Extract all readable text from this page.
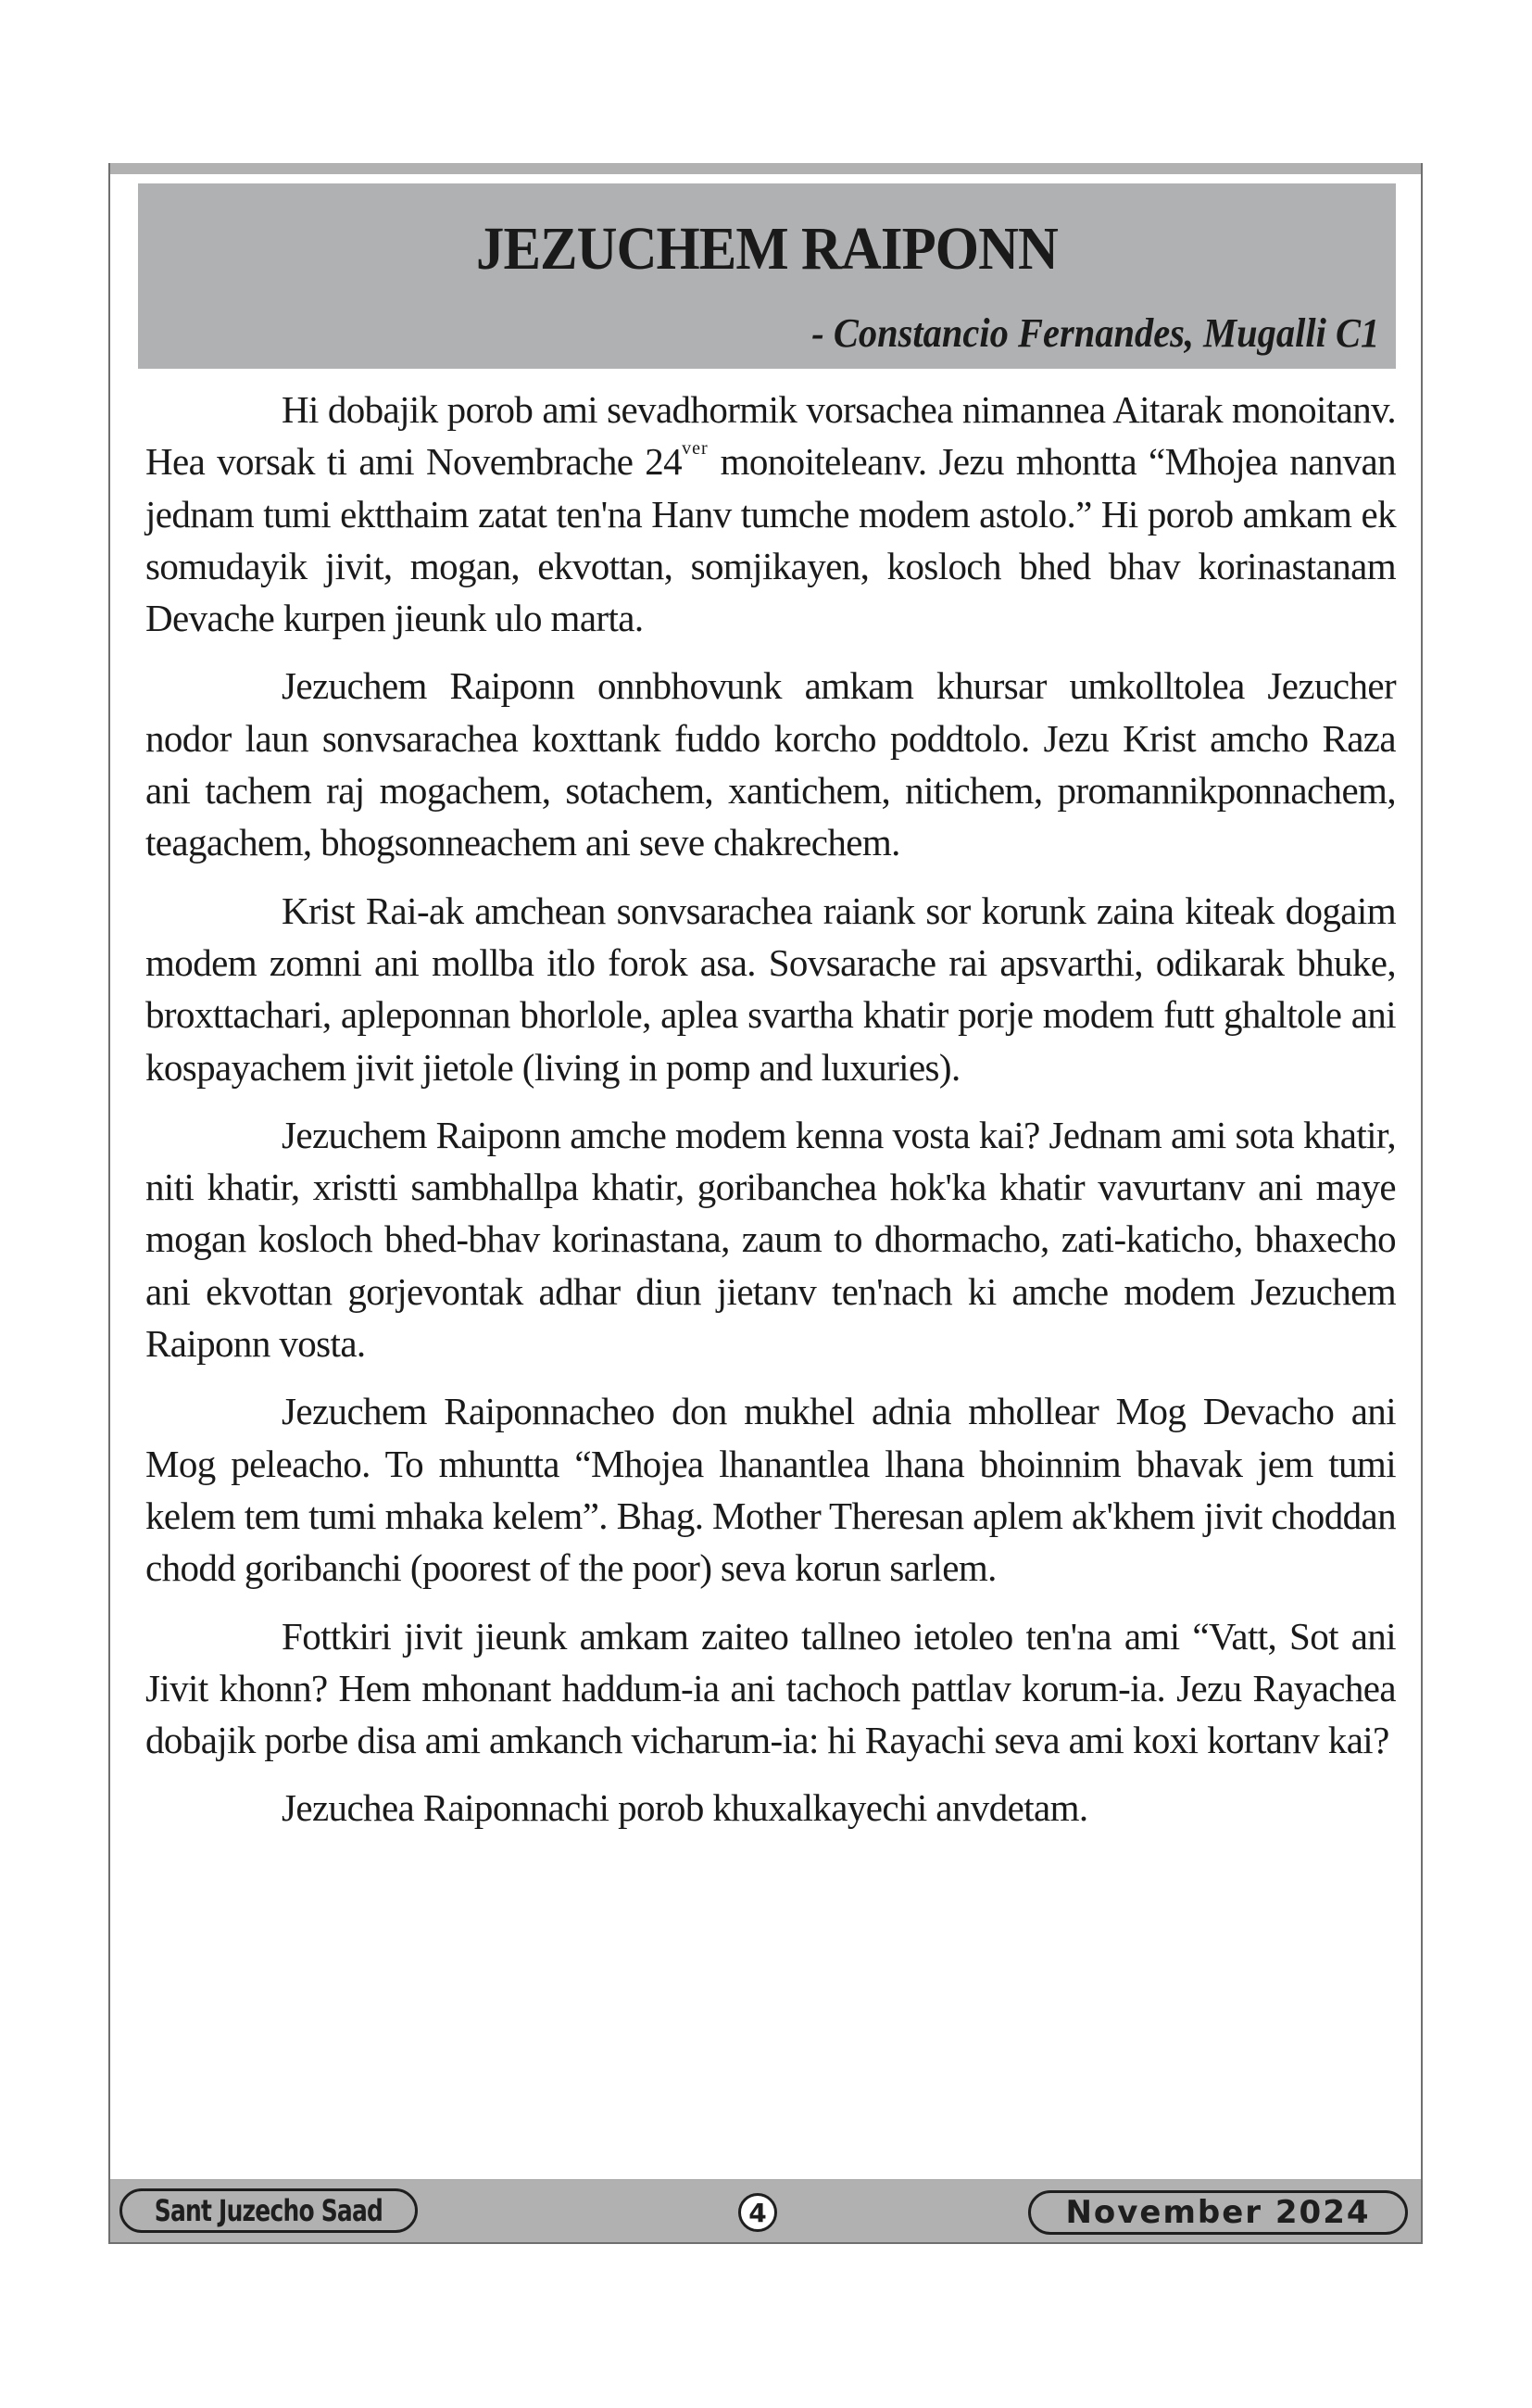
JEZUCHEM RAIPONN
- Constancio Fernandes, Mugalli C1

Hi dobajik porob ami sevadhormik vorsachea nimannea Aitarak monoitanv. Hea vorsak ti ami Novembrache $24^{ver}$ monoiteleanv. Jezu mhontta “Mhojea nanvan jednam tumi ektthaim zatat ten'na Hanv tumche modem astolo.” Hi porob amkam ek somudayik jivit, mogan, ekvottan, somjikayen, kosloch bhed bhav korinastanam Devache kurpen jieunk ulo marta.

Jezuchem Raiponn onnbhovunk amkam khursar umkolltolea Jezucher nodor laun sonvsarachea koxttank fuddo korcho poddtolo. Jezu Krist amcho Raza ani tachem raj mogachem, sotachem, xantichem, nitichem, promannikponnachem, teagachem, bhogsonneachem ani seve chakrechem.

Krist Rai-ak amchean sonvsarachea raiank sor korunk zaina kiteak dogaim modem zomni ani mollba itlo forok asa. Sovsarache rai apsvarthi, odikarak bhuke, broxttachari, apleponnan bhorlole, aplea svartha khatir porje modem futt ghaltole ani kospayachem jivit jietole (living in pomp and luxuries).

Jezuchem Raiponn amche modem kenna vosta kai? Jednam ami sota khatir, niti khatir, xristti sambhallpa khatir, goribanchea hok'ka khatir vavurtanv ani maye mogan kosloch bhed-bhav korinastana, zaum to dhormacho, zati-katicho, bhaxecho ani ekvottan gorjevontak adhar diun jietanv ten'nach ki amche modem Jezuchem Raiponn vosta.

Jezuchem Raiponnacheo don mukhel adnia mhollear Mog Devacho ani Mog peleacho. To mhuntta “Mhojea lhanantlea lhana bhoinnim bhavak jem tumi kelem tem tumi mhaka kelem”. Bhag. Mother Theresan aplem ak'khem jivit choddan chodd goribanchi (poorest of the poor) seva korun sarlem.

Fottkiri jivit jieunk amkam zaiteo tallneo ietoleo ten'na ami “Vatt, Sot ani Jivit khonn? Hem mhonant haddum-ia ani tachoch pattlav korum-ia. Jezu Rayachea dobajik porbe disa ami amkanch vicharum-ia: hi Rayachi seva ami koxi kortanv kai?

Jezuchea Raiponnachi porob khuxalkayechi anvdetam.

Sant Juzecho Saad	4	November 2024
